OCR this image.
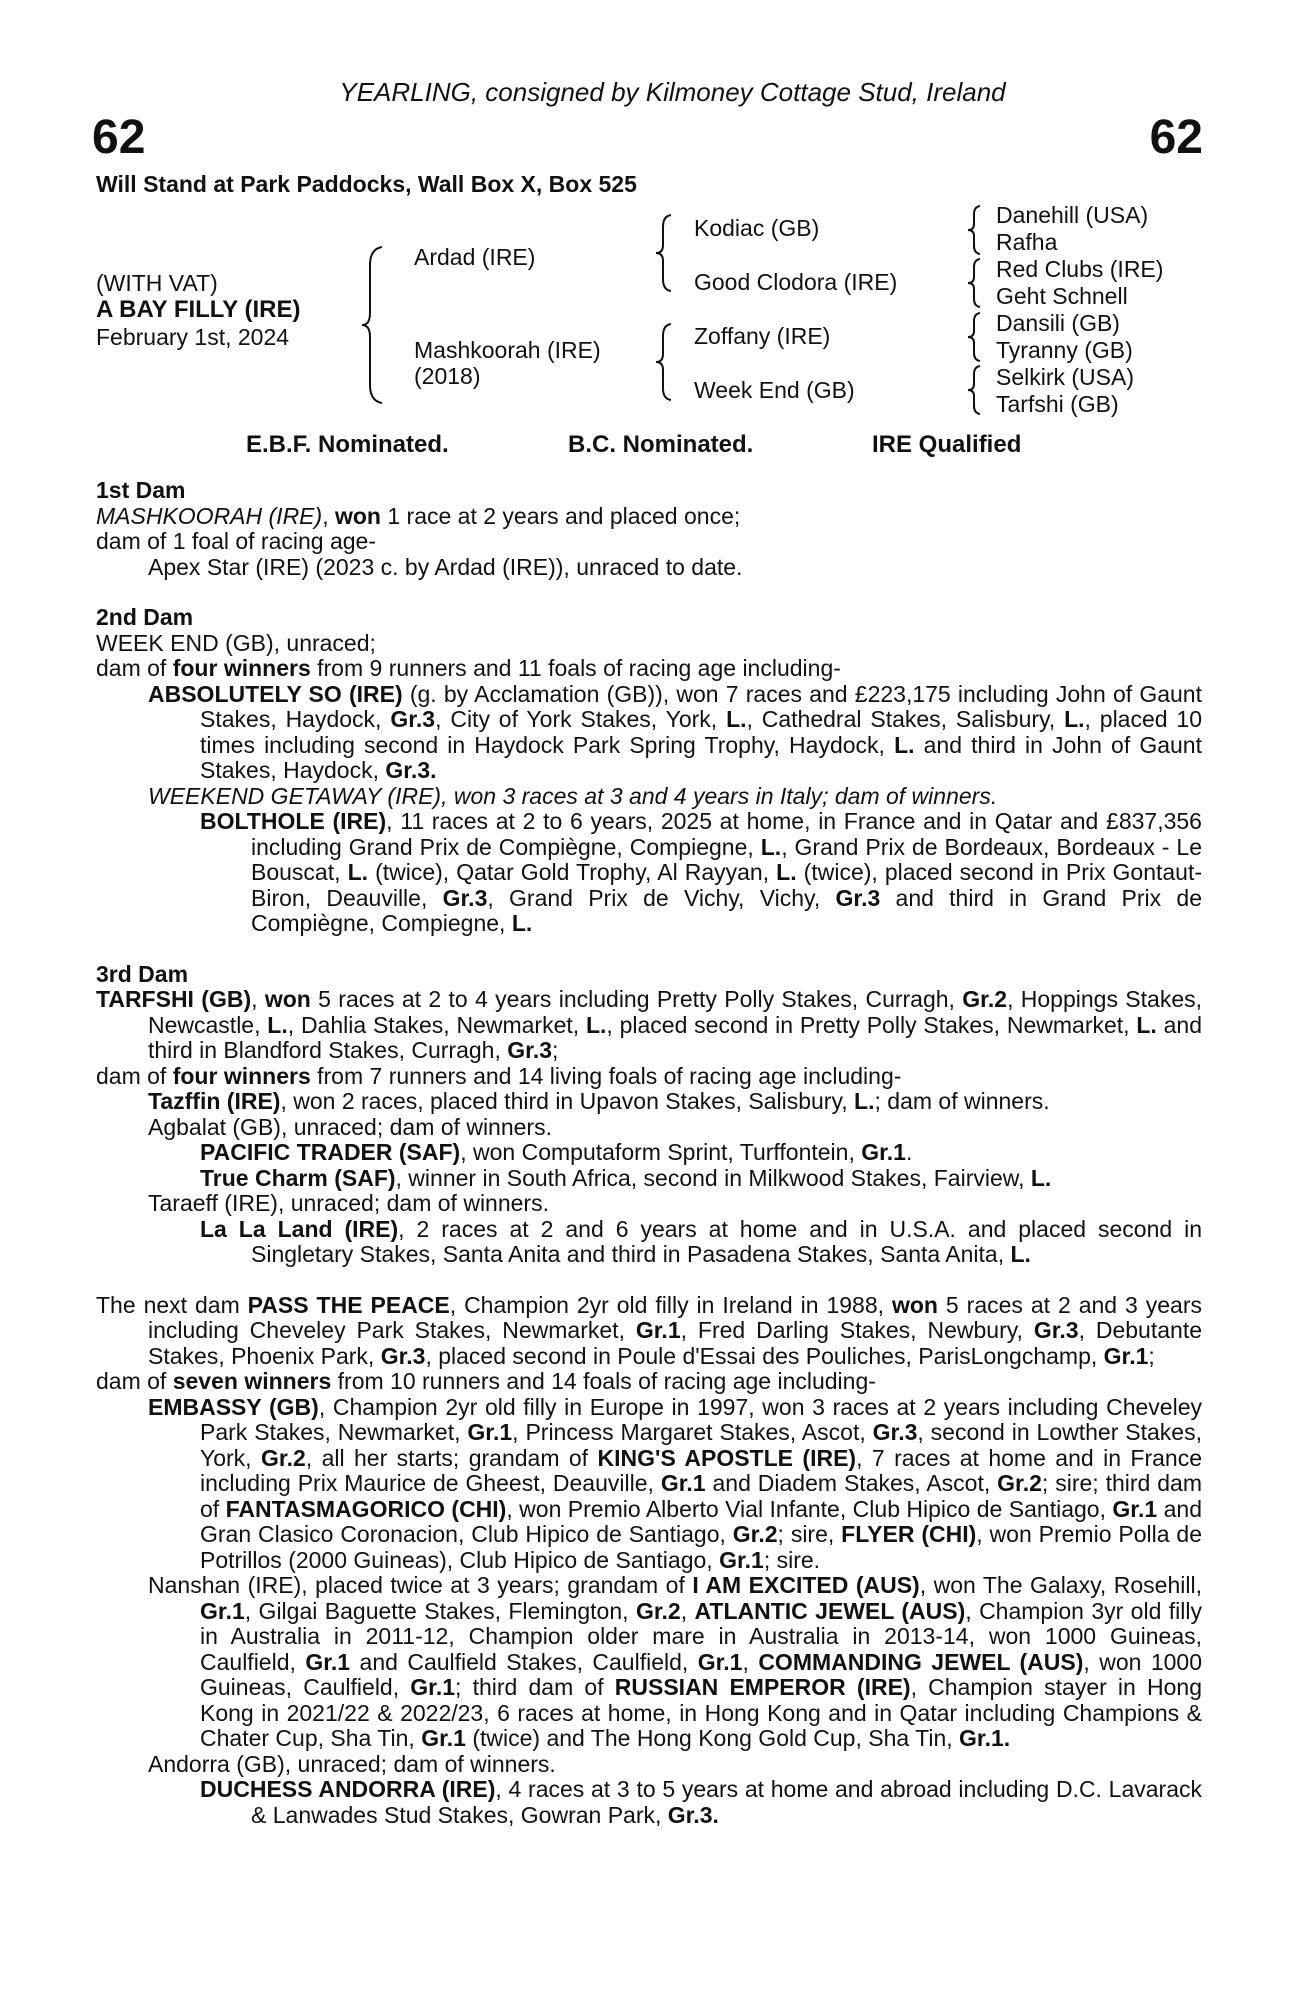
YEARLING, consigned by Kilmoney Cottage Stud, Ireland
62	62
Will Stand at Park Paddocks, Wall Box X, Box 525
(WITH VAT)
A BAY FILLY (IRE)
February 1st, 2024
Ardad (IRE)
Mashkoorah (IRE)
(2018)
Kodiac (GB)
Good Clodora (IRE)
Zoffany (IRE)
Week End (GB)
Danehill (USA)
Rafha
Red Clubs (IRE)
Geht Schnell
Dansili (GB)
Tyranny (GB)
Selkirk (USA)
Tarfshi (GB)
E.B.F. Nominated.	B.C. Nominated.	IRE Qualified
1st Dam
MASHKOORAH (IRE), won 1 race at 2 years and placed once;
dam of 1 foal of racing age-
Apex Star (IRE) (2023 c. by Ardad (IRE)), unraced to date.
2nd Dam
WEEK END (GB), unraced;
dam of four winners from 9 runners and 11 foals of racing age including-
ABSOLUTELY SO (IRE) (g. by Acclamation (GB)), won 7 races and £223,175 including John of Gaunt Stakes, Haydock, Gr.3, City of York Stakes, York, L., Cathedral Stakes, Salisbury, L., placed 10 times including second in Haydock Park Spring Trophy, Haydock, L. and third in John of Gaunt Stakes, Haydock, Gr.3.
WEEKEND GETAWAY (IRE), won 3 races at 3 and 4 years in Italy; dam of winners.
BOLTHOLE (IRE), 11 races at 2 to 6 years, 2025 at home, in France and in Qatar and £837,356 including Grand Prix de Compiègne, Compiegne, L., Grand Prix de Bordeaux, Bordeaux - Le Bouscat, L. (twice), Qatar Gold Trophy, Al Rayyan, L. (twice), placed second in Prix Gontaut-Biron, Deauville, Gr.3, Grand Prix de Vichy, Vichy, Gr.3 and third in Grand Prix de Compiègne, Compiegne, L.
3rd Dam
TARFSHI (GB), won 5 races at 2 to 4 years including Pretty Polly Stakes, Curragh, Gr.2, Hoppings Stakes, Newcastle, L., Dahlia Stakes, Newmarket, L., placed second in Pretty Polly Stakes, Newmarket, L. and third in Blandford Stakes, Curragh, Gr.3;
dam of four winners from 7 runners and 14 living foals of racing age including-
Tazffin (IRE), won 2 races, placed third in Upavon Stakes, Salisbury, L.; dam of winners.
Agbalat (GB), unraced; dam of winners.
PACIFIC TRADER (SAF), won Computaform Sprint, Turffontein, Gr.1.
True Charm (SAF), winner in South Africa, second in Milkwood Stakes, Fairview, L.
Taraeff (IRE), unraced; dam of winners.
La La Land (IRE), 2 races at 2 and 6 years at home and in U.S.A. and placed second in Singletary Stakes, Santa Anita and third in Pasadena Stakes, Santa Anita, L.
The next dam PASS THE PEACE, Champion 2yr old filly in Ireland in 1988, won 5 races at 2 and 3 years including Cheveley Park Stakes, Newmarket, Gr.1, Fred Darling Stakes, Newbury, Gr.3, Debutante Stakes, Phoenix Park, Gr.3, placed second in Poule d'Essai des Pouliches, ParisLongchamp, Gr.1;
dam of seven winners from 10 runners and 14 foals of racing age including-
EMBASSY (GB), Champion 2yr old filly in Europe in 1997, won 3 races at 2 years including Cheveley Park Stakes, Newmarket, Gr.1, Princess Margaret Stakes, Ascot, Gr.3, second in Lowther Stakes, York, Gr.2, all her starts; grandam of KING'S APOSTLE (IRE), 7 races at home and in France including Prix Maurice de Gheest, Deauville, Gr.1 and Diadem Stakes, Ascot, Gr.2; sire; third dam of FANTASMAGORICO (CHI), won Premio Alberto Vial Infante, Club Hipico de Santiago, Gr.1 and Gran Clasico Coronacion, Club Hipico de Santiago, Gr.2; sire, FLYER (CHI), won Premio Polla de Potrillos (2000 Guineas), Club Hipico de Santiago, Gr.1; sire.
Nanshan (IRE), placed twice at 3 years; grandam of I AM EXCITED (AUS), won The Galaxy, Rosehill, Gr.1, Gilgai Baguette Stakes, Flemington, Gr.2, ATLANTIC JEWEL (AUS), Champion 3yr old filly in Australia in 2011-12, Champion older mare in Australia in 2013-14, won 1000 Guineas, Caulfield, Gr.1 and Caulfield Stakes, Caulfield, Gr.1, COMMANDING JEWEL (AUS), won 1000 Guineas, Caulfield, Gr.1; third dam of RUSSIAN EMPEROR (IRE), Champion stayer in Hong Kong in 2021/22 & 2022/23, 6 races at home, in Hong Kong and in Qatar including Champions & Chater Cup, Sha Tin, Gr.1 (twice) and The Hong Kong Gold Cup, Sha Tin, Gr.1.
Andorra (GB), unraced; dam of winners.
DUCHESS ANDORRA (IRE), 4 races at 3 to 5 years at home and abroad including D.C. Lavarack & Lanwades Stud Stakes, Gowran Park, Gr.3.
